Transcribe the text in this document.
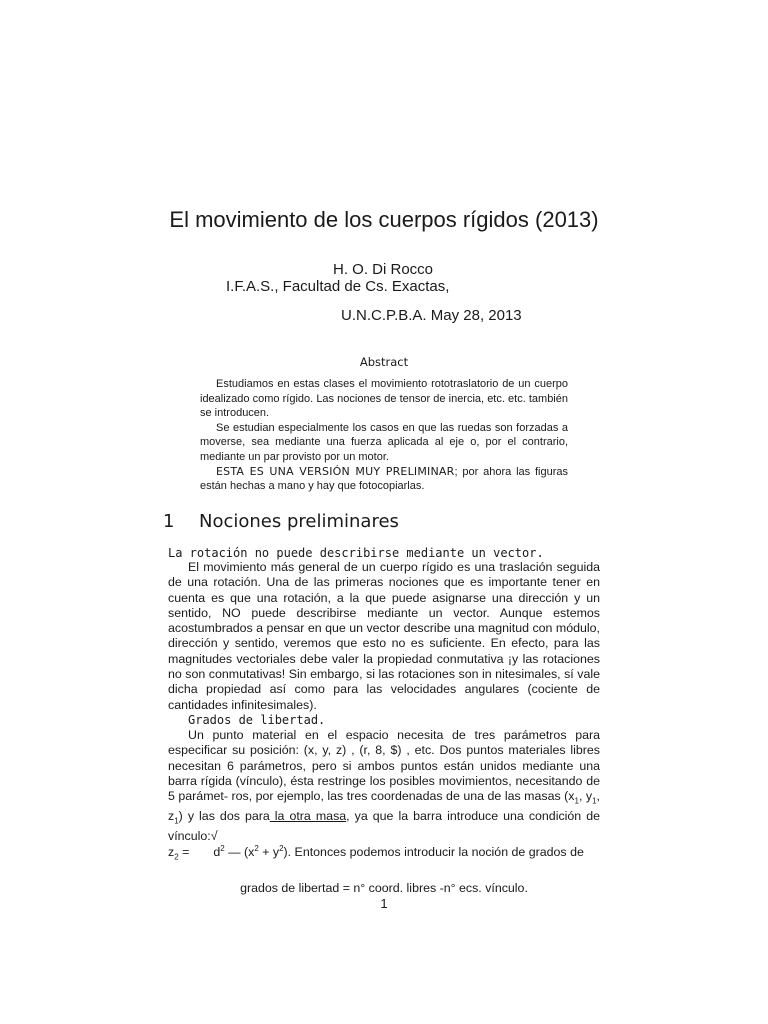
El movimiento de los cuerpos rígidos (2013)
H. O. Di Rocco
I.F.A.S., Facultad de Cs. Exactas,
U.N.C.P.B.A. May 28, 2013
Abstract

Estudiamos en estas clases el movimiento rototraslatorio de un cuerpo idealizado como rígido. Las nociones de tensor de inercia, etc. etc. también se introducen.

Se estudian especialmente los casos en que las ruedas son forzadas a moverse, sea mediante una fuerza aplicada al eje o, por el contrario, mediante un par provisto por un motor.

ESTA ES UNA VERSIÓN MUY PRELIMINAR; por ahora las figuras están hechas a mano y hay que fotocopiarlas.

1 Nociones preliminares
La rotación no puede describirse mediante un vector.

El movimiento más general de un cuerpo rígido es una traslación seguida de una rotación. Una de las primeras nociones que es importante tener en cuenta es que una rotación, a la que puede asignarse una dirección y un sentido, NO puede describirse mediante un vector. Aunque estemos acostumbrados a pensar en que un vector describe una magnitud con módulo, dirección y sentido, veremos que esto no es suficiente. En efecto, para las magnitudes vectoriales debe valer la propiedad conmutativa ¡y las rotaciones no son conmutativas! Sin embargo, si las rotaciones son in nitesimales, sí vale dicha propiedad así como para las velocidades angulares (cociente de cantidades infinitesimales).

Grados de libertad.

Un punto material en el espacio necesita de tres parámetros para especificar su posición: (x, y, z) , (r, 8, $) , etc. Dos puntos materiales libres necesitan 6 parámetros, pero si ambos puntos están unidos mediante una barra rígida (vínculo), ésta restringe los posibles movimientos, necesitando de 5 parámet- ros, por ejemplo, las tres coordenadas de una de las masas ($x_1$, $y_1$, $z_1$) y las dos para la otra masa, ya que la barra introduce una condición de vínculo:√

$z_2 = d^2$ — $(x^2 + y^2)$. Entonces podemos introducir la noción de grados de

grados de libertad = n° coord. libres -n° ecs. vínculo.
1
